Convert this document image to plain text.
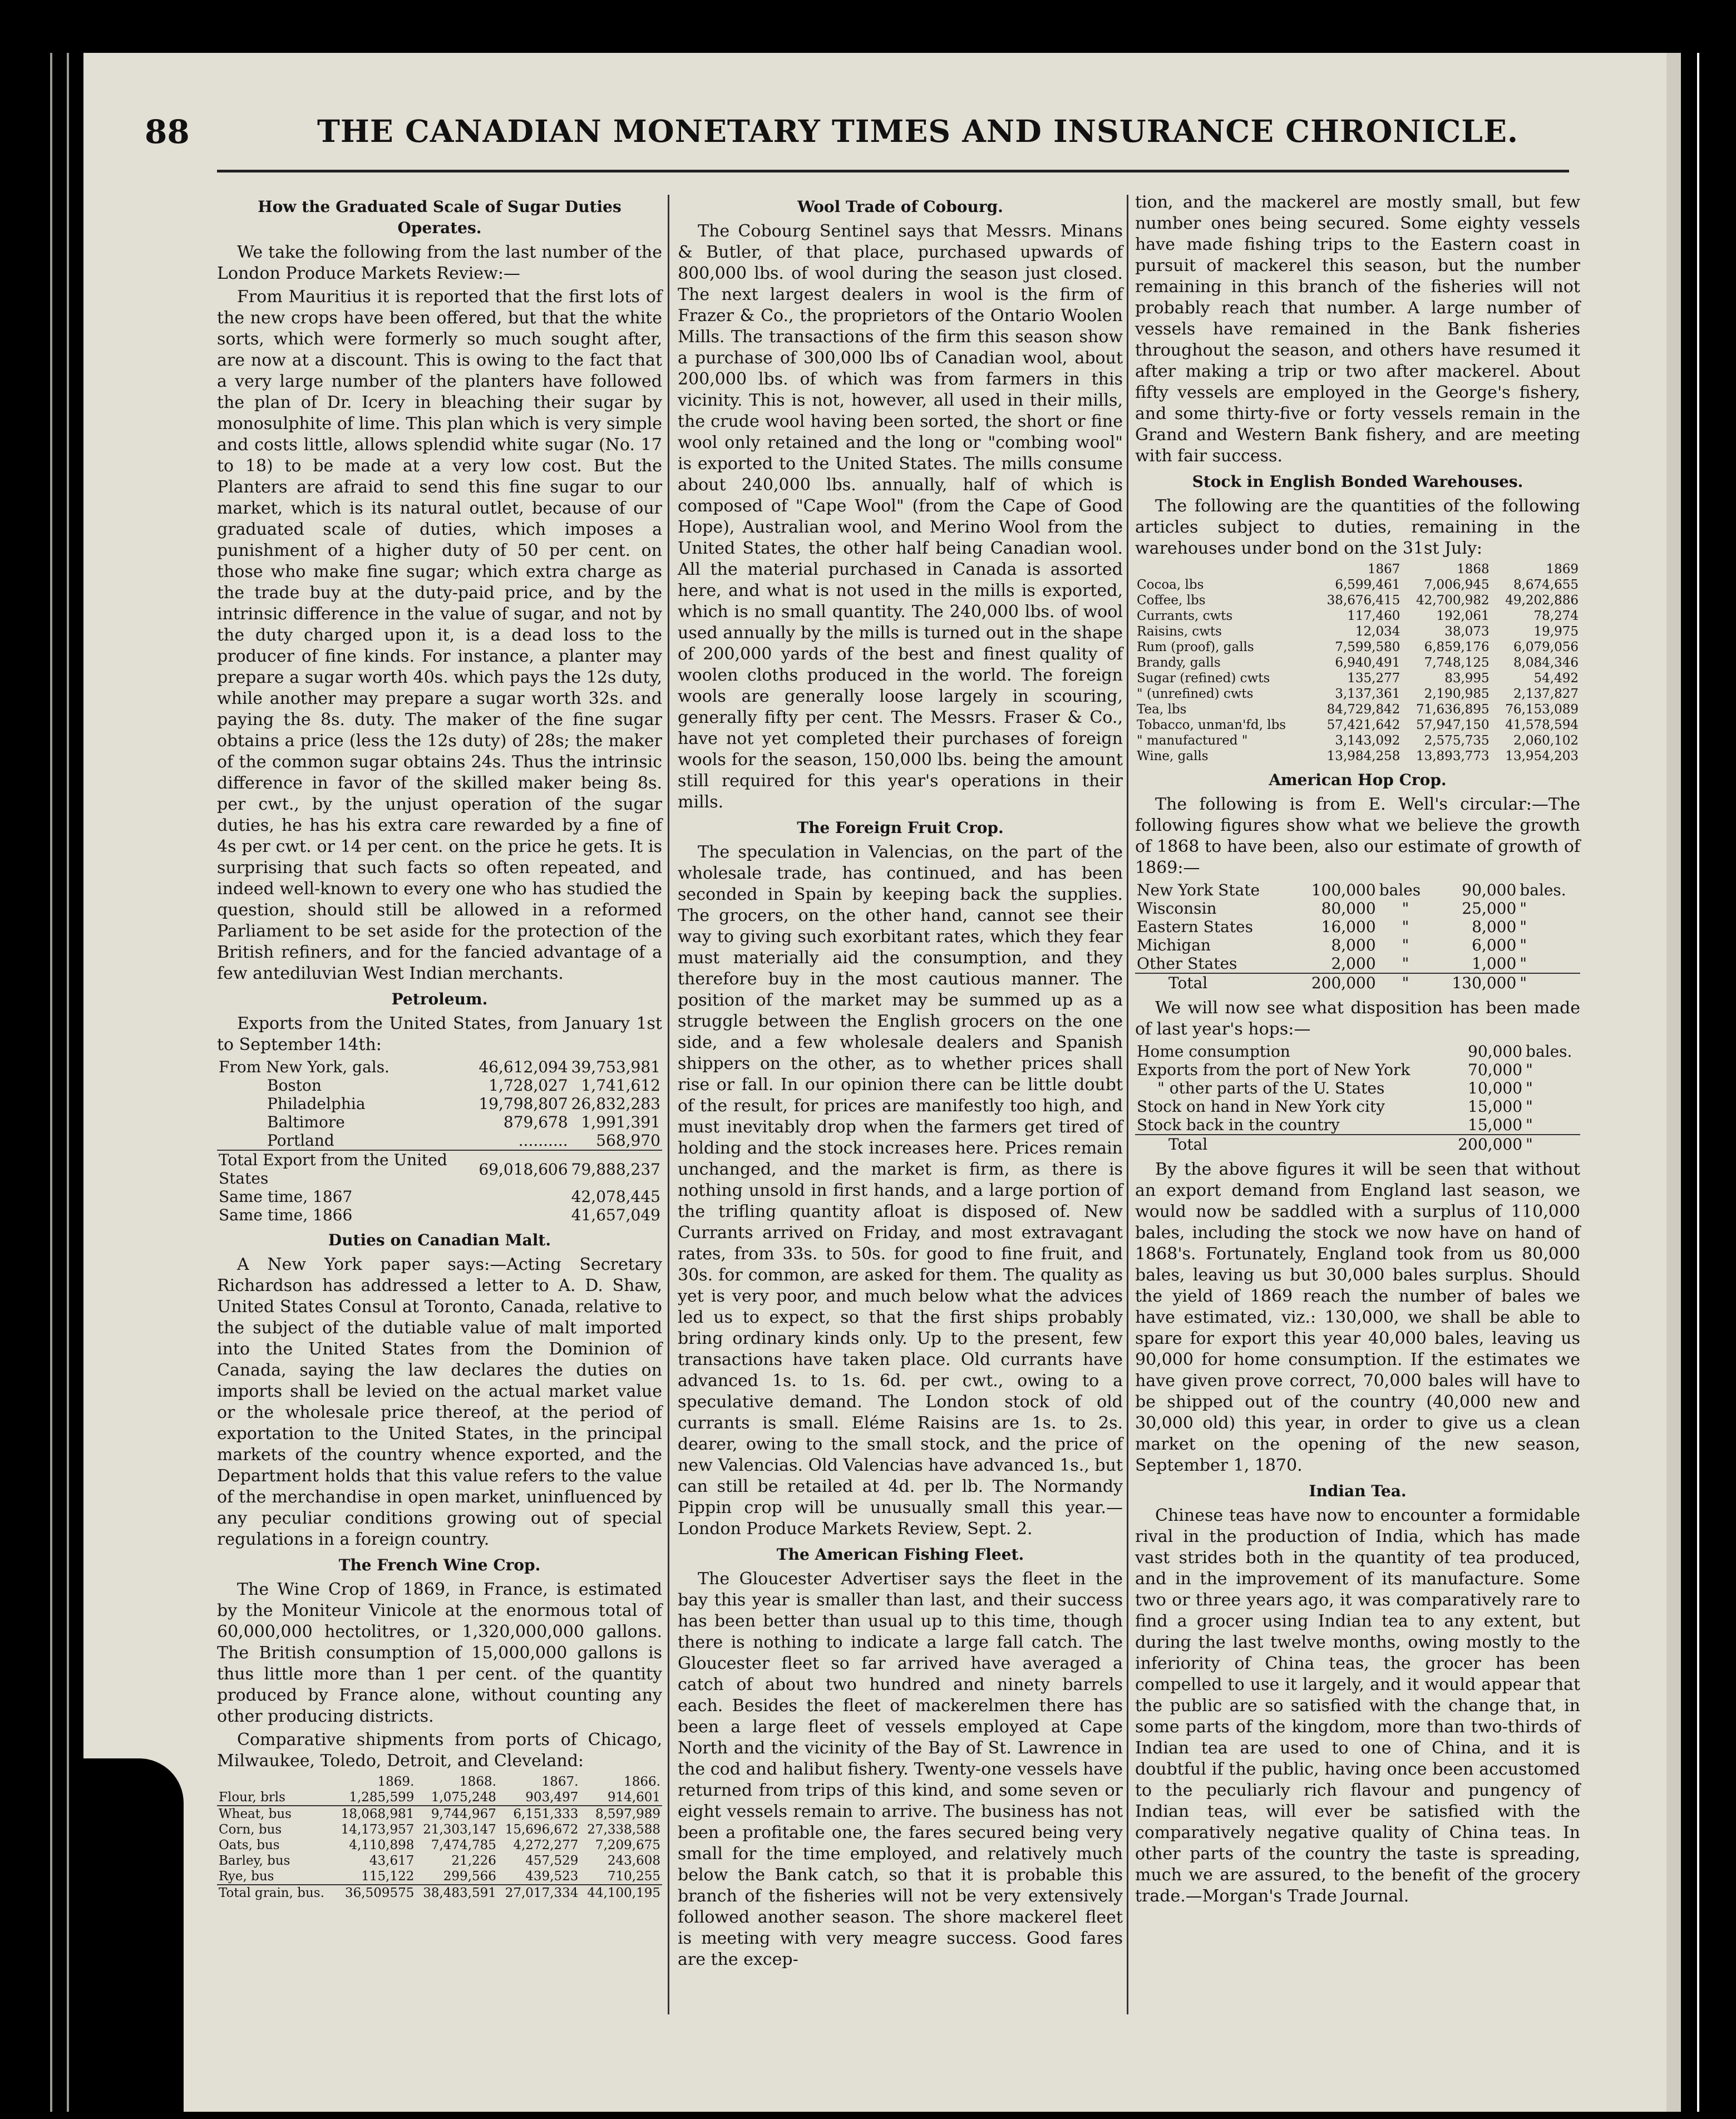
88	THE CANADIAN MONETARY TIMES AND INSURANCE CHRONICLE.
How the Graduated Scale of Sugar Duties Operates.

We take the following from the last number of the London Produce Markets Review:—

From Mauritius it is reported that the first lots of the new crops have been offered, but that the white sorts, which were formerly so much sought after, are now at a discount. This is owing to the fact that a very large number of the planters have followed the plan of Dr. Icery in bleaching their sugar by monosulphite of lime. This plan which is very simple and costs little, allows splendid white sugar (No. 17 to 18) to be made at a very low cost. But the Planters are afraid to send this fine sugar to our market, which is its natural outlet, because of our graduated scale of duties, which imposes a punishment of a higher duty of 50 per cent. on those who make fine sugar; which extra charge as the trade buy at the duty-paid price, and by the intrinsic difference in the value of sugar, and not by the duty charged upon it, is a dead loss to the producer of fine kinds. For instance, a planter may prepare a sugar worth 40s. which pays the 12s duty, while another may prepare a sugar worth 32s. and paying the 8s. duty. The maker of the fine sugar obtains a price (less the 12s duty) of 28s; the maker of the common sugar obtains 24s. Thus the intrinsic difference in favor of the skilled maker being 8s. per cwt., by the unjust operation of the sugar duties, he has his extra care rewarded by a fine of 4s per cwt. or 14 per cent. on the price he gets. It is surprising that such facts so often repeated, and indeed well-known to every one who has studied the question, should still be allowed in a reformed Parliament to be set aside for the protection of the British refiners, and for the fancied advantage of a few antediluvian West Indian merchants.

Petroleum.

Exports from the United States, from January 1st to September 14th:

From New York, gals.	46,612,094	39,753,981
Boston	1,728,027	1,741,612
Philadelphia	19,798,807	26,832,283
Baltimore	879,678	1,991,391
Portland	..........	568,970
Total Export from the United States	69,018,606	79,888,237
Same time, 1867		42,078,445
Same time, 1866		41,657,049
Duties on Canadian Malt.

A New York paper says:—Acting Secretary Richardson has addressed a letter to A. D. Shaw, United States Consul at Toronto, Canada, relative to the subject of the dutiable value of malt imported into the United States from the Dominion of Canada, saying the law declares the duties on imports shall be levied on the actual market value or the wholesale price thereof, at the period of exportation to the United States, in the principal markets of the country whence exported, and the Department holds that this value refers to the value of the merchandise in open market, uninfluenced by any peculiar conditions growing out of special regulations in a foreign country.

The French Wine Crop.

The Wine Crop of 1869, in France, is estimated by the Moniteur Vinicole at the enormous total of 60,000,000 hectolitres, or 1,320,000,000 gallons. The British consumption of 15,000,000 gallons is thus little more than 1 per cent. of the quantity produced by France alone, without counting any other producing districts.

Comparative shipments from ports of Chicago, Milwaukee, Toledo, Detroit, and Cleveland:

	1869.	1868.	1867.	1866.
Flour, brls	1,285,599	1,075,248	903,497	914,601
Wheat, bus	18,068,981	9,744,967	6,151,333	8,597,989
Corn, bus	14,173,957	21,303,147	15,696,672	27,338,588
Oats, bus	4,110,898	7,474,785	4,272,277	7,209,675
Barley, bus	43,617	21,226	457,529	243,608
Rye, bus	115,122	299,566	439,523	710,255
Total grain, bus.	36,509575	38,483,591	27,017,334	44,100,195
Wool Trade of Cobourg.

The Cobourg Sentinel says that Messrs. Minans & Butler, of that place, purchased upwards of 800,000 lbs. of wool during the season just closed. The next largest dealers in wool is the firm of Frazer & Co., the proprietors of the Ontario Woolen Mills. The transactions of the firm this season show a purchase of 300,000 lbs of Canadian wool, about 200,000 lbs. of which was from farmers in this vicinity. This is not, however, all used in their mills, the crude wool having been sorted, the short or fine wool only retained and the long or "combing wool" is exported to the United States. The mills consume about 240,000 lbs. annually, half of which is composed of "Cape Wool" (from the Cape of Good Hope), Australian wool, and Merino Wool from the United States, the other half being Canadian wool. All the material purchased in Canada is assorted here, and what is not used in the mills is exported, which is no small quantity. The 240,000 lbs. of wool used annually by the mills is turned out in the shape of 200,000 yards of the best and finest quality of woolen cloths produced in the world. The foreign wools are generally loose largely in scouring, generally fifty per cent. The Messrs. Fraser & Co., have not yet completed their purchases of foreign wools for the season, 150,000 lbs. being the amount still required for this year's operations in their mills.

The Foreign Fruit Crop.

The speculation in Valencias, on the part of the wholesale trade, has continued, and has been seconded in Spain by keeping back the supplies. The grocers, on the other hand, cannot see their way to giving such exorbitant rates, which they fear must materially aid the consumption, and they therefore buy in the most cautious manner. The position of the market may be summed up as a struggle between the English grocers on the one side, and a few wholesale dealers and Spanish shippers on the other, as to whether prices shall rise or fall. In our opinion there can be little doubt of the result, for prices are manifestly too high, and must inevitably drop when the farmers get tired of holding and the stock increases here. Prices remain unchanged, and the market is firm, as there is nothing unsold in first hands, and a large portion of the trifling quantity afloat is disposed of. New Currants arrived on Friday, and most extravagant rates, from 33s. to 50s. for good to fine fruit, and 30s. for common, are asked for them. The quality as yet is very poor, and much below what the advices led us to expect, so that the first ships probably bring ordinary kinds only. Up to the present, few transactions have taken place. Old currants have advanced 1s. to 1s. 6d. per cwt., owing to a speculative demand. The London stock of old currants is small. Eléme Raisins are 1s. to 2s. dearer, owing to the small stock, and the price of new Valencias. Old Valencias have advanced 1s., but can still be retailed at 4d. per lb. The Normandy Pippin crop will be unusually small this year.—London Produce Markets Review, Sept. 2.

The American Fishing Fleet.

The Gloucester Advertiser says the fleet in the bay this year is smaller than last, and their success has been better than usual up to this time, though there is nothing to indicate a large fall catch. The Gloucester fleet so far arrived have averaged a catch of about two hundred and ninety barrels each. Besides the fleet of mackerelmen there has been a large fleet of vessels employed at Cape North and the vicinity of the Bay of St. Lawrence in the cod and halibut fishery. Twenty-one vessels have returned from trips of this kind, and some seven or eight vessels remain to arrive. The business has not been a profitable one, the fares secured being very small for the time employed, and relatively much below the Bank catch, so that it is probable this branch of the fisheries will not be very extensively followed another season. The shore mackerel fleet is meeting with very meagre success. Good fares are the excep-

tion, and the mackerel are mostly small, but few number ones being secured. Some eighty vessels have made fishing trips to the Eastern coast in pursuit of mackerel this season, but the number remaining in this branch of the fisheries will not probably reach that number. A large number of vessels have remained in the Bank fisheries throughout the season, and others have resumed it after making a trip or two after mackerel. About fifty vessels are employed in the George's fishery, and some thirty-five or forty vessels remain in the Grand and Western Bank fishery, and are meeting with fair success.

Stock in English Bonded Warehouses.

The following are the quantities of the following articles subject to duties, remaining in the warehouses under bond on the 31st July:

	1867	1868	1869
Cocoa, lbs	6,599,461	7,006,945	8,674,655
Coffee, lbs	38,676,415	42,700,982	49,202,886
Currants, cwts	117,460	192,061	78,274
Raisins, cwts	12,034	38,073	19,975
Rum (proof), galls	7,599,580	6,859,176	6,079,056
Brandy, galls	6,940,491	7,748,125	8,084,346
Sugar (refined) cwts	135,277	83,995	54,492
" (unrefined) cwts	3,137,361	2,190,985	2,137,827
Tea, lbs	84,729,842	71,636,895	76,153,089
Tobacco, unman'fd, lbs	57,421,642	57,947,150	41,578,594
" manufactured "	3,143,092	2,575,735	2,060,102
Wine, galls	13,984,258	13,893,773	13,954,203
American Hop Crop.

The following is from E. Well's circular:—The following figures show what we believe the growth of 1868 to have been, also our estimate of growth of 1869:—

New York State	100,000	bales	90,000	bales.
Wisconsin	80,000	"	25,000	"
Eastern States	16,000	"	8,000	"
Michigan	8,000	"	6,000	"
Other States	2,000	"	1,000	"
Total	200,000	"	130,000	"

We will now see what disposition has been made of last year's hops:—

Home consumption	90,000	bales.
Exports from the port of New York	70,000	"
" other parts of the U. States	10,000	"
Stock on hand in New York city	15,000	"
Stock back in the country	15,000	"
Total	200,000	"

By the above figures it will be seen that without an export demand from England last season, we would now be saddled with a surplus of 110,000 bales, including the stock we now have on hand of 1868's. Fortunately, England took from us 80,000 bales, leaving us but 30,000 bales surplus. Should the yield of 1869 reach the number of bales we have estimated, viz.: 130,000, we shall be able to spare for export this year 40,000 bales, leaving us 90,000 for home consumption. If the estimates we have given prove correct, 70,000 bales will have to be shipped out of the country (40,000 new and 30,000 old) this year, in order to give us a clean market on the opening of the new season, September 1, 1870.

Indian Tea.

Chinese teas have now to encounter a formidable rival in the production of India, which has made vast strides both in the quantity of tea produced, and in the improvement of its manufacture. Some two or three years ago, it was comparatively rare to find a grocer using Indian tea to any extent, but during the last twelve months, owing mostly to the inferiority of China teas, the grocer has been compelled to use it largely, and it would appear that the public are so satisfied with the change that, in some parts of the kingdom, more than two-thirds of Indian tea are used to one of China, and it is doubtful if the public, having once been accustomed to the peculiarly rich flavour and pungency of Indian teas, will ever be satisfied with the comparatively negative quality of China teas. In other parts of the country the taste is spreading, much we are assured, to the benefit of the grocery trade.—Morgan's Trade Journal.
